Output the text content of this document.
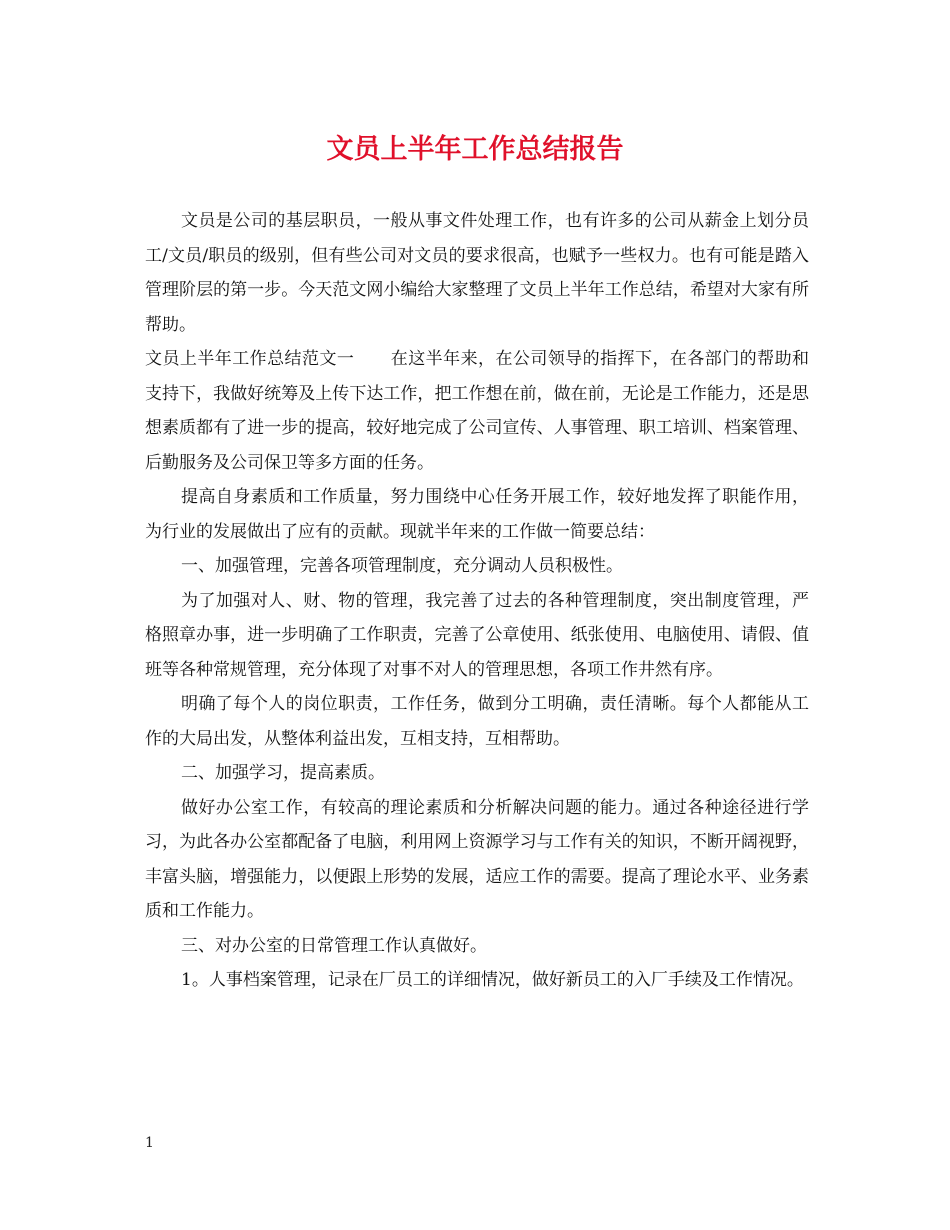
文员上半年工作总结报告

文员是公司的基层职员，一般从事文件处理工作，也有许多的公司从薪金上划分员工/文员/职员的级别，但有些公司对文员的要求很高，也赋予一些权力。也有可能是踏入管理阶层的第一步。今天范文网小编给大家整理了文员上半年工作总结，希望对大家有所帮助。

文员上半年工作总结范文一 在这半年来，在公司领导的指挥下，在各部门的帮助和支持下，我做好统筹及上传下达工作，把工作想在前，做在前，无论是工作能力，还是思想素质都有了进一步的提高，较好地完成了公司宣传、人事管理、职工培训、档案管理、后勤服务及公司保卫等多方面的任务。

提高自身素质和工作质量，努力围绕中心任务开展工作，较好地发挥了职能作用，为行业的发展做出了应有的贡献。现就半年来的工作做一简要总结：

一、加强管理，完善各项管理制度，充分调动人员积极性。

为了加强对人、财、物的管理，我完善了过去的各种管理制度，突出制度管理，严格照章办事，进一步明确了工作职责，完善了公章使用、纸张使用、电脑使用、请假、值班等各种常规管理，充分体现了对事不对人的管理思想，各项工作井然有序。

明确了每个人的岗位职责，工作任务，做到分工明确，责任清晰。每个人都能从工作的大局出发，从整体利益出发，互相支持，互相帮助。

二、加强学习，提高素质。

做好办公室工作，有较高的理论素质和分析解决问题的能力。通过各种途径进行学习，为此各办公室都配备了电脑，利用网上资源学习与工作有关的知识，不断开阔视野，丰富头脑，增强能力，以便跟上形势的发展，适应工作的需要。提高了理论水平、业务素质和工作能力。

三、对办公室的日常管理工作认真做好。

1。人事档案管理，记录在厂员工的详细情况，做好新员工的入厂手续及工作情况。

1
